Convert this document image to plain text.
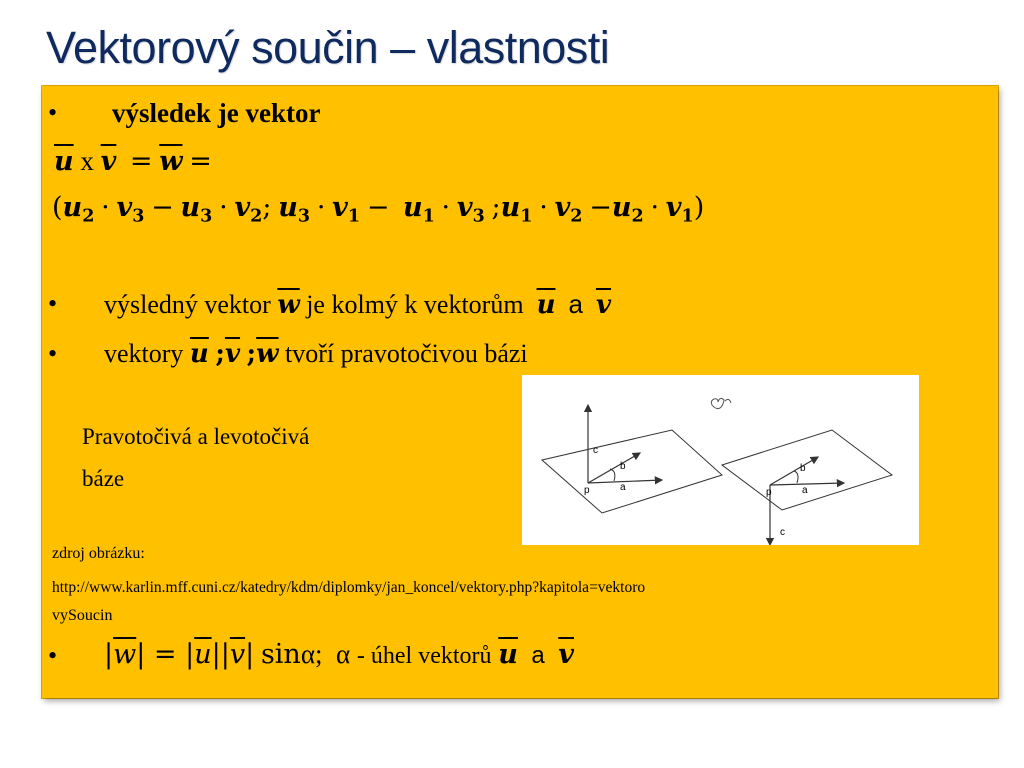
Vektorový součin – vlastnosti
• výsledek je vektor
$\overline{u}$ x $\overline{v} = \overline{w}$ =
($u_2 \cdot v_3 - u_3 \cdot v_2$; $u_3 \cdot v_1 - u_1 \cdot v_3$ $;u_1 \cdot v_2 -u_2 \cdot v_1$)
• výsledný vektor $\overline{w}$ je kolmý k vektorům $\overline{u}$ a $\overline{v}$
• vektory $\overline{u}$ $;\overline{v}$ $;\overline{w}$ tvoří pravotočivou bázi
Pravotočivá a levotočivá
báze
c
b
a
p
b
a
p
c
zdroj obrázku:
http://www.karlin.mff.cuni.cz/katedry/kdm/diplomky/jan_koncel/vektory.php?kapitola=vektoro
vySoucin
• $|\overline{w}| = |\overline{u}||\overline{v}|$ sinα; α - úhel vektorů $\overline{u}$ a $\overline{v}$
